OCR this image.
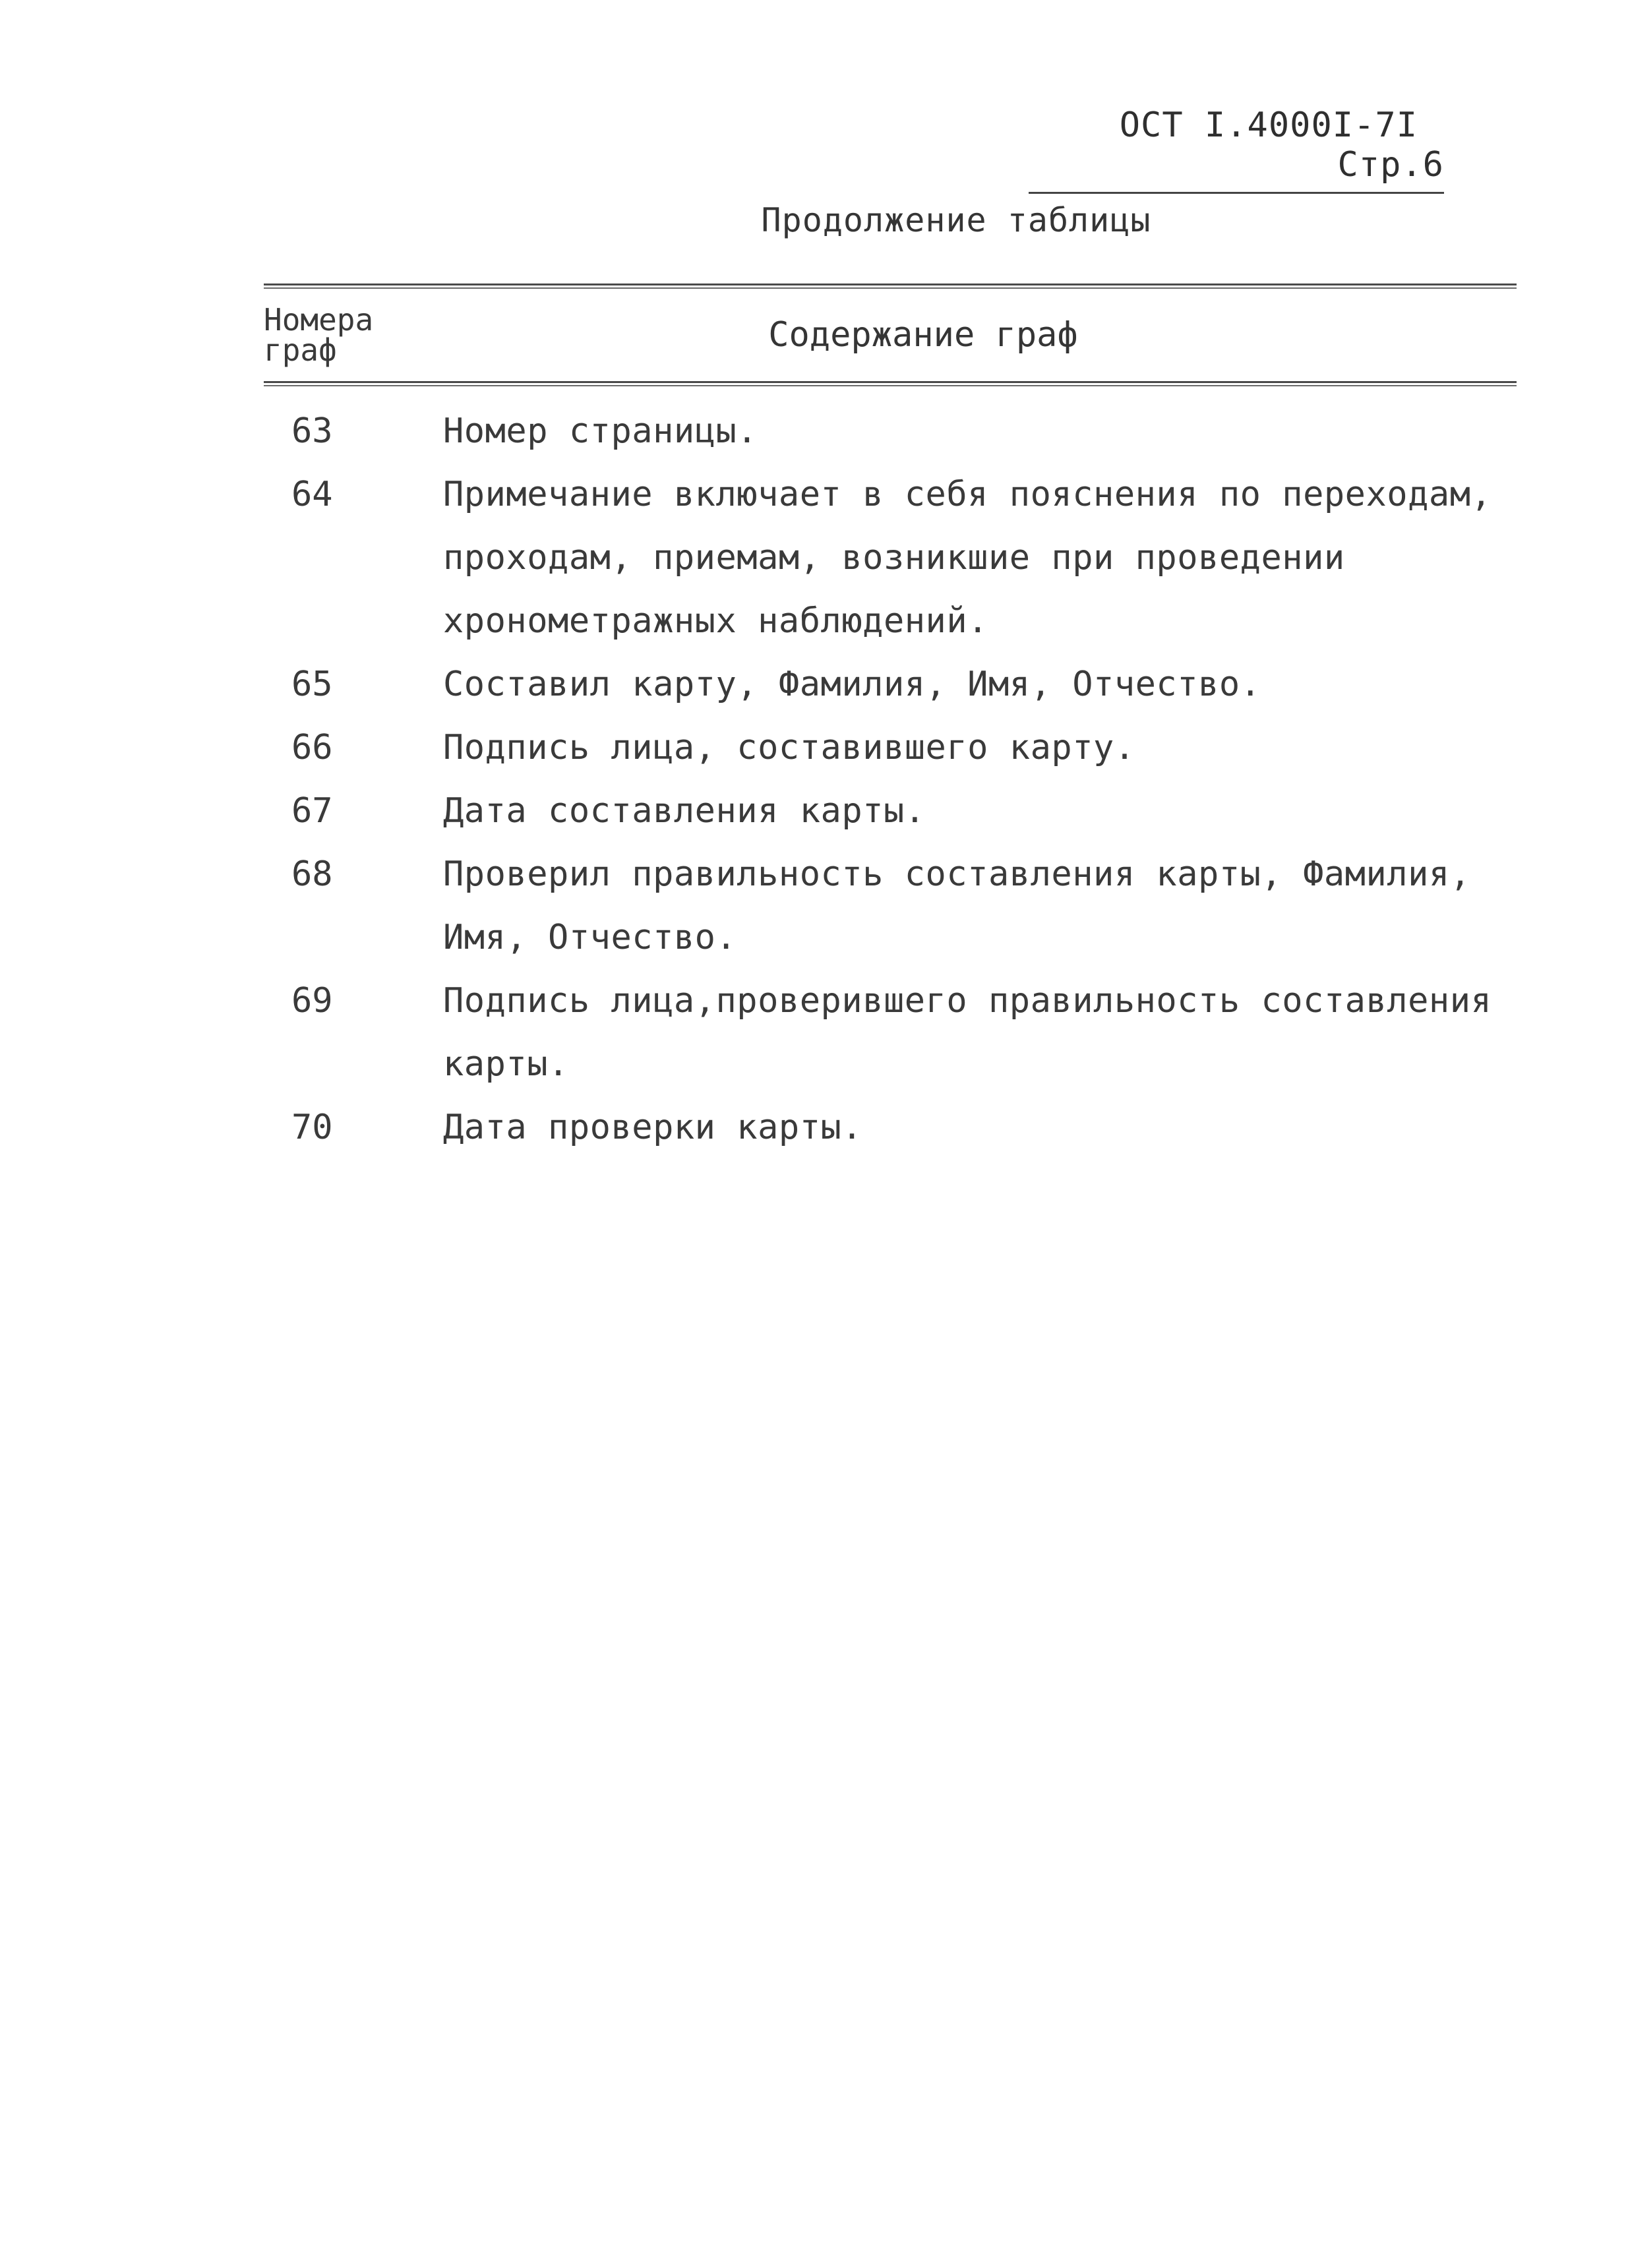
ОСТ I.4000I-7I Стр.6
Продолжение таблицы
Номера
граф	Содержание граф
63	Номер страницы.
64	Примечание включает в себя пояснения по переходам, проходам, приемам, возникшие при проведении хронометражных наблюдений.
65	Составил карту, Фамилия, Имя, Отчество.
66	Подпись лица, составившего карту.
67	Дата составления карты.
68	Проверил правильность составления карты, Фамилия, Имя, Отчество.
69	Подпись лица,проверившего правильность составления карты.
70	Дата проверки карты.
